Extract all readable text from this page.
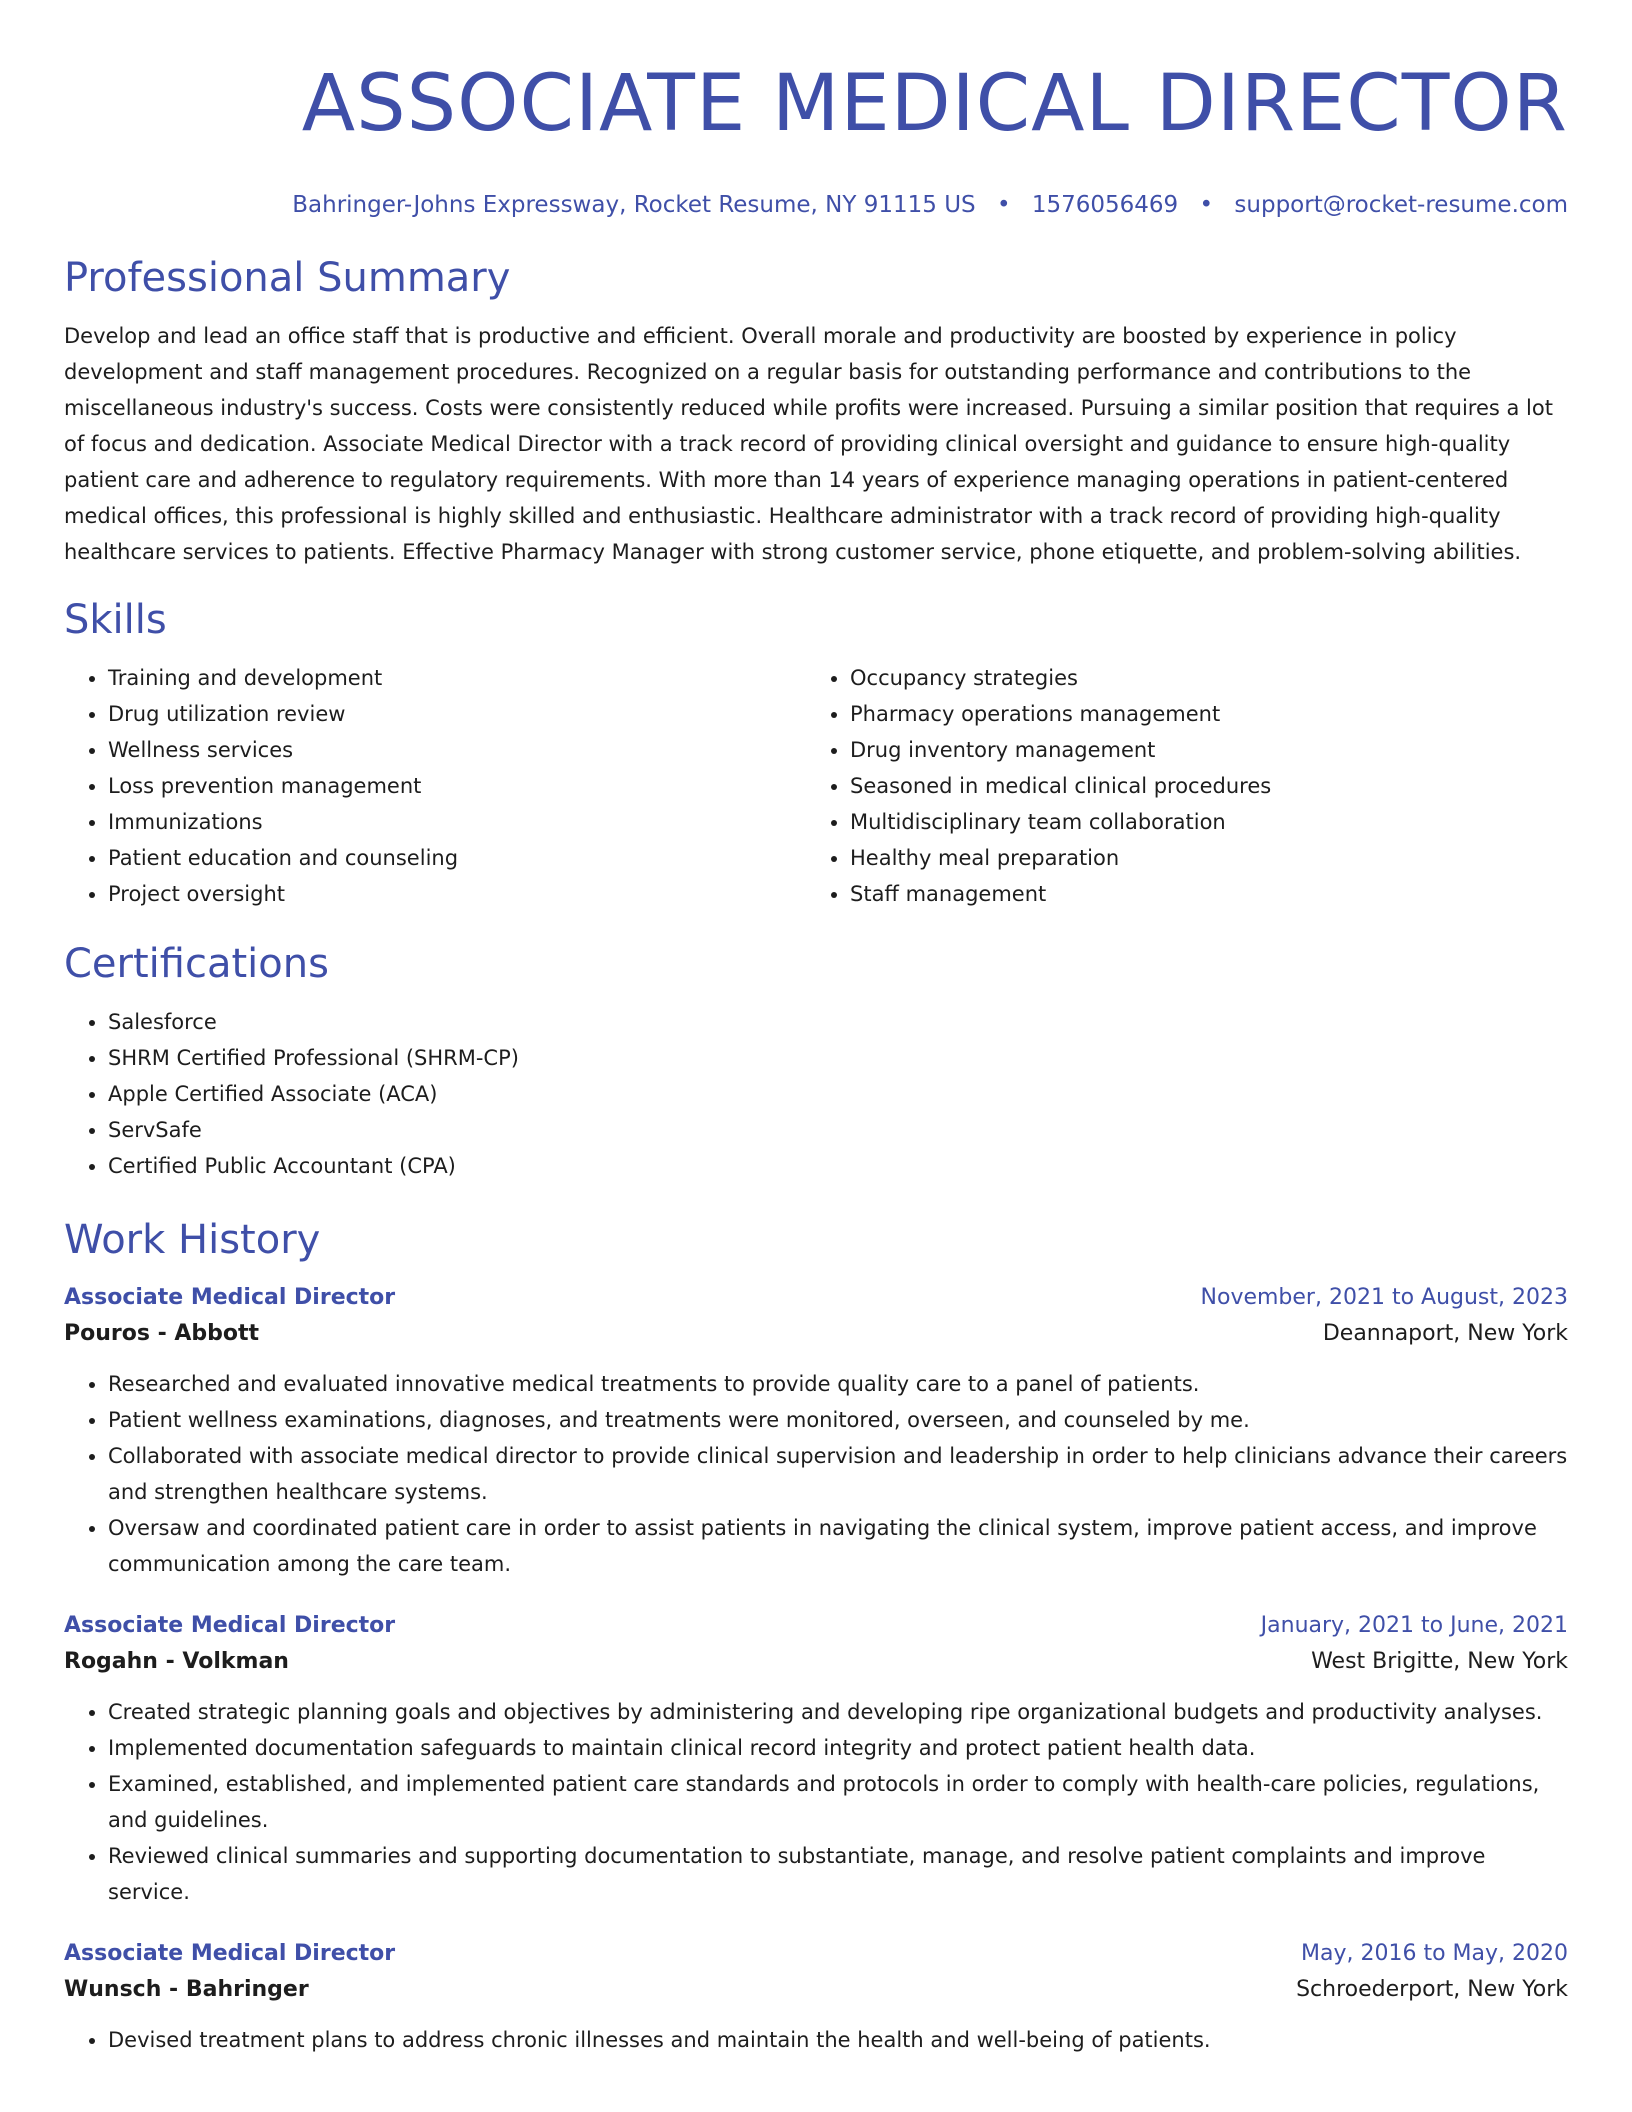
ASSOCIATE MEDICAL DIRECTOR
Bahringer-Johns Expressway, Rocket Resume, NY 91115 US • 1576056469 • support@rocket-resume.com
Professional Summary

Develop and lead an office staff that is productive and efficient. Overall morale and productivity are boosted by experience in policy development and staff management procedures. Recognized on a regular basis for outstanding performance and contributions to the miscellaneous industry's success. Costs were consistently reduced while profits were increased. Pursuing a similar position that requires a lot of focus and dedication. Associate Medical Director with a track record of providing clinical oversight and guidance to ensure high-quality patient care and adherence to regulatory requirements. With more than 14 years of experience managing operations in patient-centered medical offices, this professional is highly skilled and enthusiastic. Healthcare administrator with a track record of providing high-quality healthcare services to patients. Effective Pharmacy Manager with strong customer service, phone etiquette, and problem-solving abilities.

Skills
• Training and development
• Drug utilization review
• Wellness services
• Loss prevention management
• Immunizations
• Patient education and counseling
• Project oversight
• Occupancy strategies
• Pharmacy operations management
• Drug inventory management
• Seasoned in medical clinical procedures
• Multidisciplinary team collaboration
• Healthy meal preparation
• Staff management
Certifications
• Salesforce
• SHRM Certified Professional (SHRM-CP)
• Apple Certified Associate (ACA)
• ServSafe
• Certified Public Accountant (CPA)
Work History
Associate Medical Director	November, 2021 to August, 2023
Pouros - Abbott	Deannaport, New York
• Researched and evaluated innovative medical treatments to provide quality care to a panel of patients.
• Patient wellness examinations, diagnoses, and treatments were monitored, overseen, and counseled by me.
• Collaborated with associate medical director to provide clinical supervision and leadership in order to help clinicians advance their careers and strengthen healthcare systems.
• Oversaw and coordinated patient care in order to assist patients in navigating the clinical system, improve patient access, and improve communication among the care team.
Associate Medical Director	January, 2021 to June, 2021
Rogahn - Volkman	West Brigitte, New York
• Created strategic planning goals and objectives by administering and developing ripe organizational budgets and productivity analyses.
• Implemented documentation safeguards to maintain clinical record integrity and protect patient health data.
• Examined, established, and implemented patient care standards and protocols in order to comply with health-care policies, regulations, and guidelines.
• Reviewed clinical summaries and supporting documentation to substantiate, manage, and resolve patient complaints and improve service.
Associate Medical Director	May, 2016 to May, 2020
Wunsch - Bahringer	Schroederport, New York
• Devised treatment plans to address chronic illnesses and maintain the health and well-being of patients.
